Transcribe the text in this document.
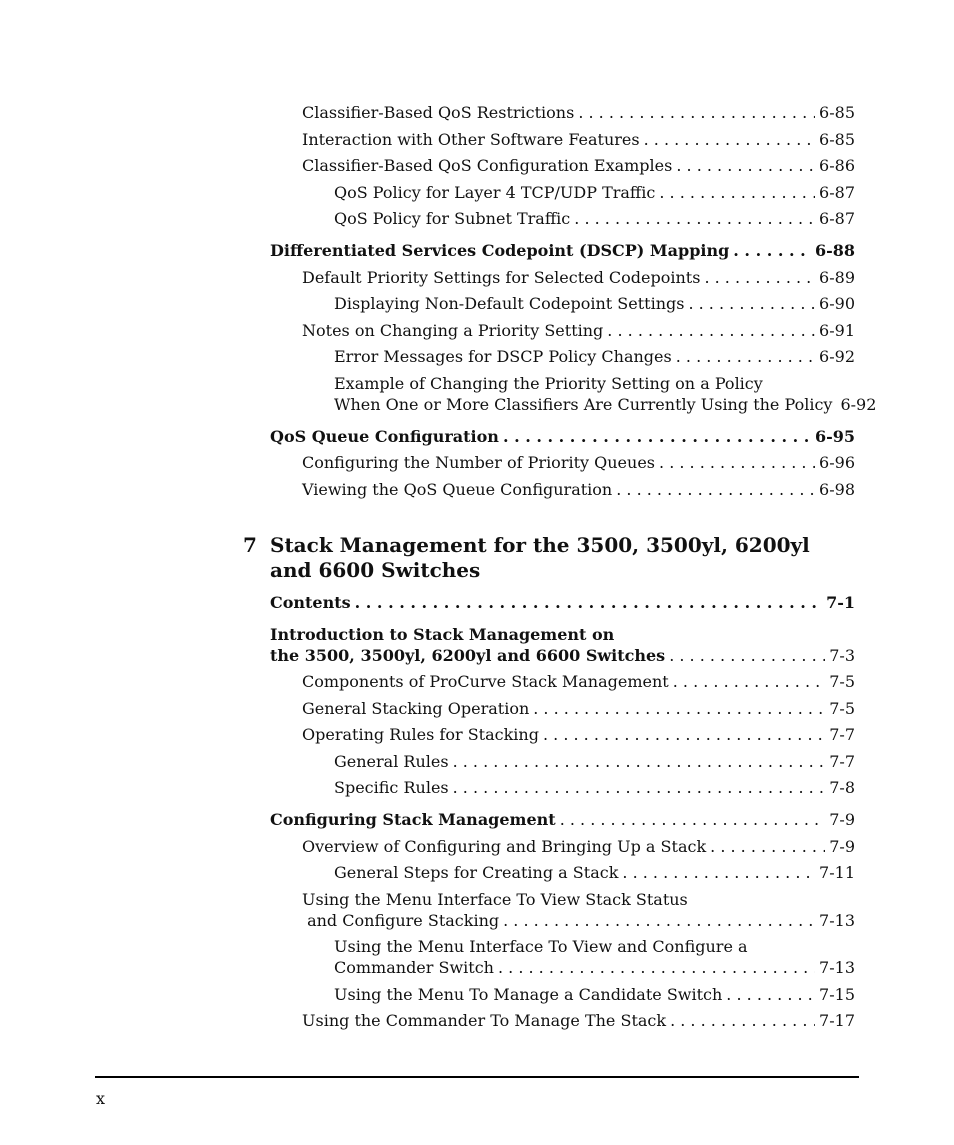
Classifier-Based QoS Restrictions . . .	6-85
Interaction with Other Software Features . . .	6-85
Classifier-Based QoS Configuration Examples . . .	6-86
QoS Policy for Layer 4 TCP/UDP Traffic . . .	6-87
QoS Policy for Subnet Traffic . . .	6-87
Differentiated Services Codepoint (DSCP) Mapping . . .	6-88
Default Priority Settings for Selected Codepoints . . .	6-89
Displaying Non-Default Codepoint Settings . . .	6-90
Notes on Changing a Priority Setting . . .	6-91
Error Messages for DSCP Policy Changes . . .	6-92
Example of Changing the Priority Setting on a Policy
When One or More Classifiers Are Currently Using the Policy 6-92
QoS Queue Configuration . . .	6-95
Configuring the Number of Priority Queues . . .	6-96
Viewing the QoS Queue Configuration . . .	6-98
7 Stack Management for the 3500, 3500yl, 6200yl
and 6600 Switches
Contents . . .	7-1
Introduction to Stack Management on
the 3500, 3500yl, 6200yl and 6600 Switches . . .	7-3
Components of ProCurve Stack Management . . .	7-5
General Stacking Operation . . .	7-5
Operating Rules for Stacking . . .	7-7
General Rules . . .	7-7
Specific Rules . . .	7-8
Configuring Stack Management . . .	7-9
Overview of Configuring and Bringing Up a Stack . . .	7-9
General Steps for Creating a Stack . . .	7-11
Using the Menu Interface To View Stack Status
and Configure Stacking . . .	7-13
Using the Menu Interface To View and Configure a
Commander Switch . . .	7-13
Using the Menu To Manage a Candidate Switch . . .	7-15
Using the Commander To Manage The Stack . . .	7-17
x
